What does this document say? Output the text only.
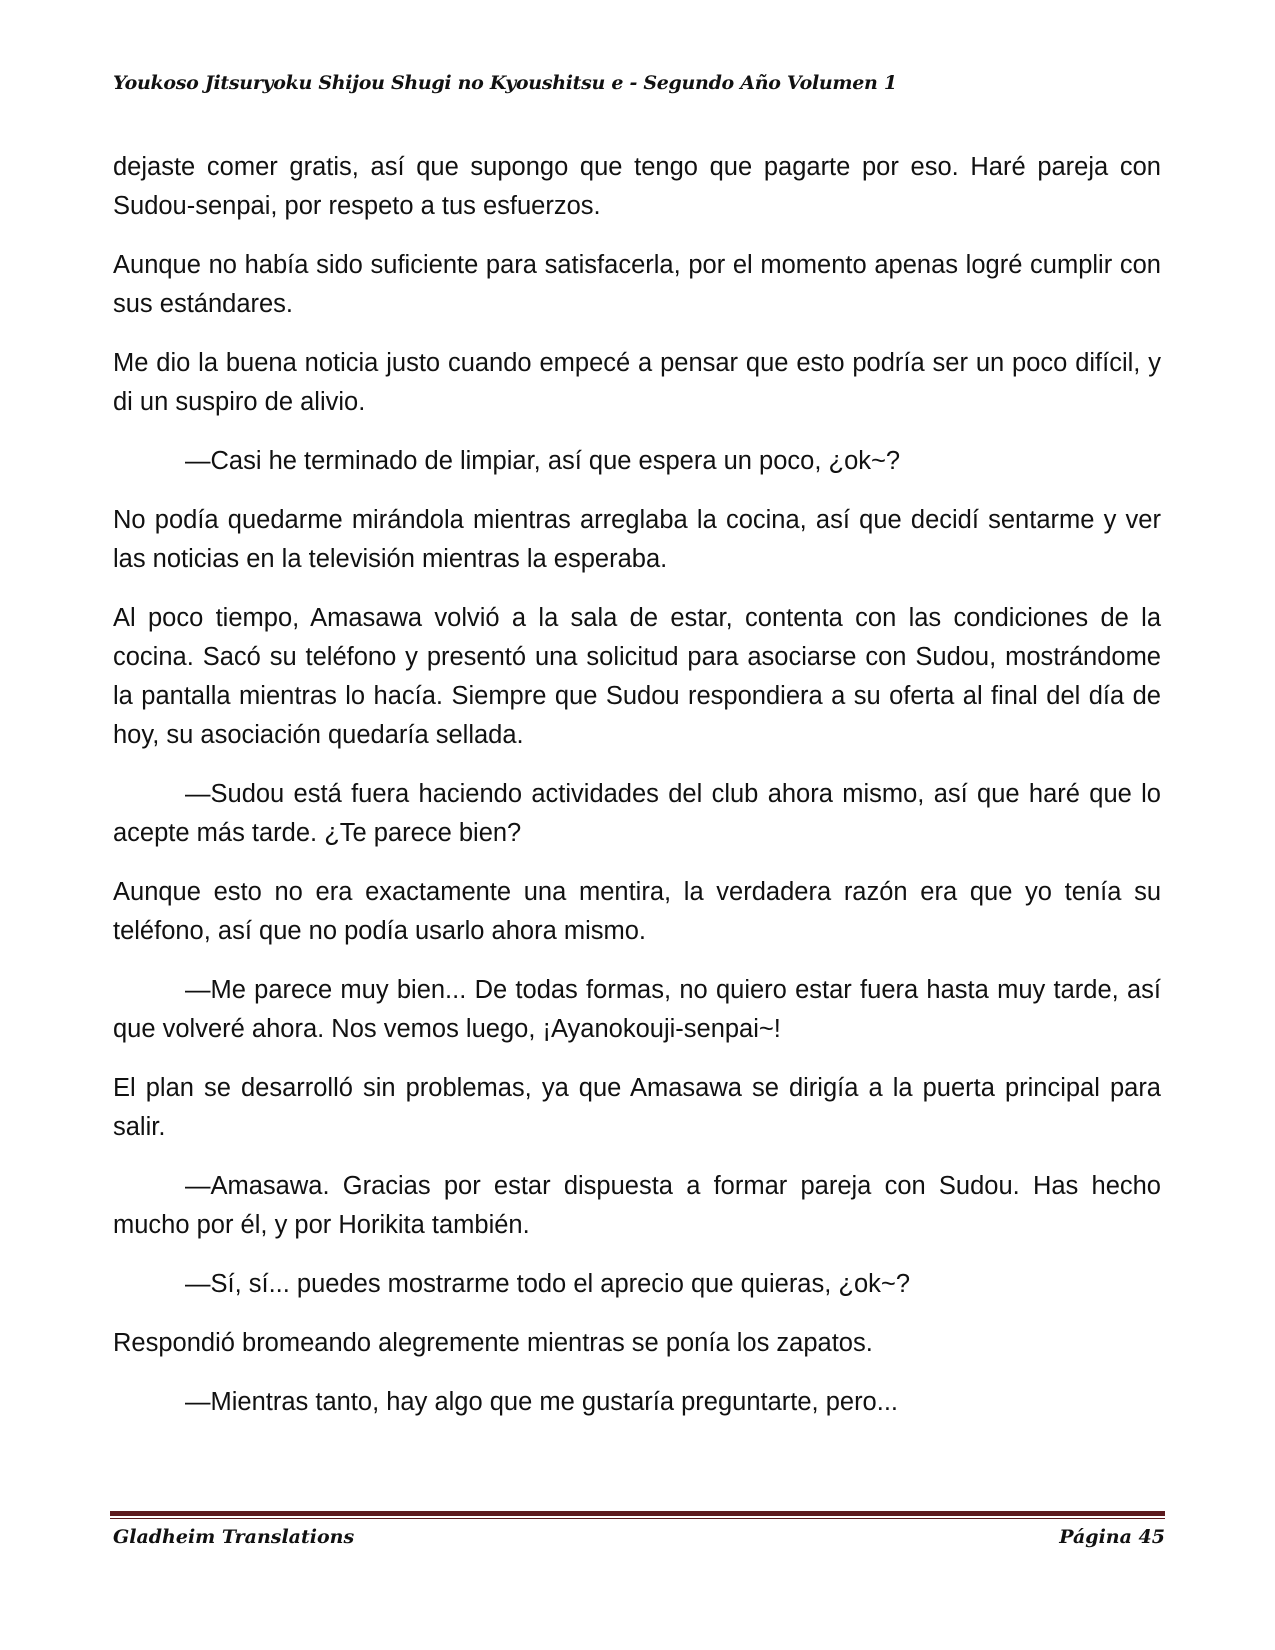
Youkoso Jitsuryoku Shijou Shugi no Kyoushitsu e - Segundo Año Volumen 1

dejaste comer gratis, así que supongo que tengo que pagarte por eso. Haré pareja con Sudou-senpai, por respeto a tus esfuerzos.

Aunque no había sido suficiente para satisfacerla, por el momento apenas logré cumplir con sus estándares.

Me dio la buena noticia justo cuando empecé a pensar que esto podría ser un poco difícil, y di un suspiro de alivio.

—Casi he terminado de limpiar, así que espera un poco, ¿ok~?

No podía quedarme mirándola mientras arreglaba la cocina, así que decidí sentarme y ver las noticias en la televisión mientras la esperaba.

Al poco tiempo, Amasawa volvió a la sala de estar, contenta con las condiciones de la cocina. Sacó su teléfono y presentó una solicitud para asociarse con Sudou, mostrándome la pantalla mientras lo hacía. Siempre que Sudou respondiera a su oferta al final del día de hoy, su asociación quedaría sellada.

—Sudou está fuera haciendo actividades del club ahora mismo, así que haré que lo acepte más tarde. ¿Te parece bien?

Aunque esto no era exactamente una mentira, la verdadera razón era que yo tenía su teléfono, así que no podía usarlo ahora mismo.

—Me parece muy bien... De todas formas, no quiero estar fuera hasta muy tarde, así que volveré ahora. Nos vemos luego, ¡Ayanokouji-senpai~!

El plan se desarrolló sin problemas, ya que Amasawa se dirigía a la puerta principal para salir.

—Amasawa. Gracias por estar dispuesta a formar pareja con Sudou. Has hecho mucho por él, y por Horikita también.

—Sí, sí... puedes mostrarme todo el aprecio que quieras, ¿ok~?

Respondió bromeando alegremente mientras se ponía los zapatos.

—Mientras tanto, hay algo que me gustaría preguntarte, pero...

Gladheim Translations	Página 45
